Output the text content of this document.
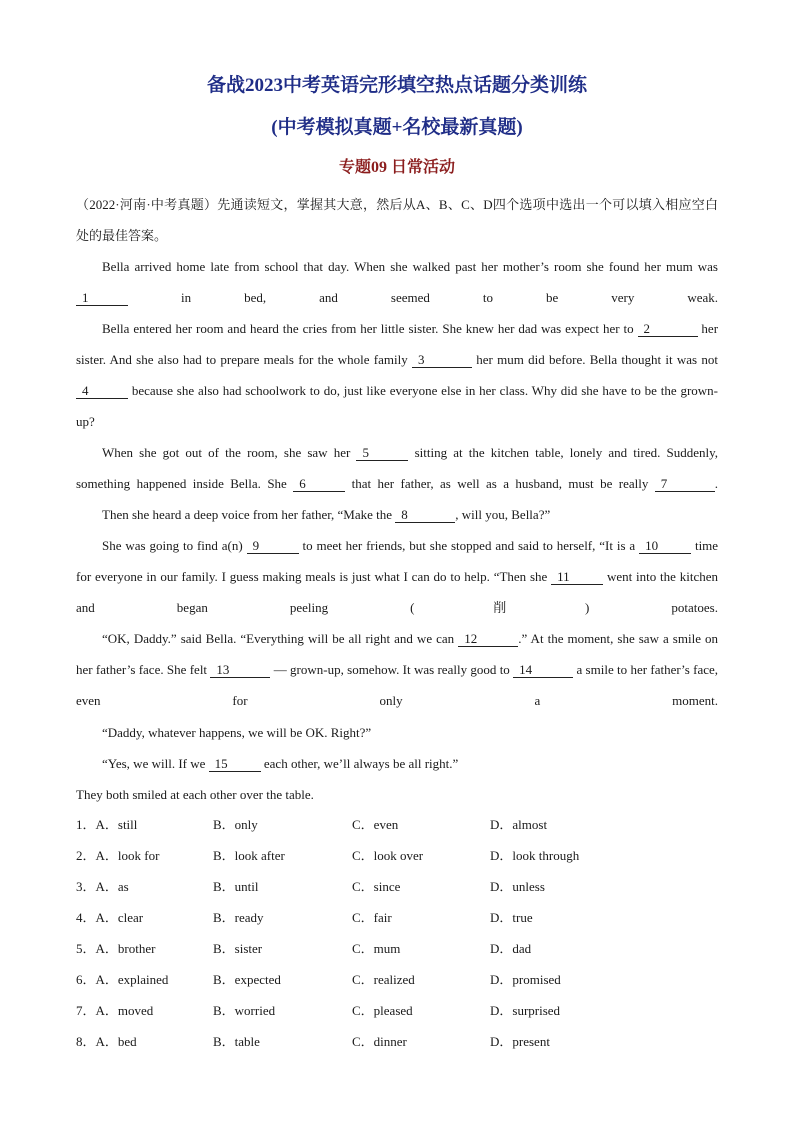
备战2023中考英语完形填空热点话题分类训练
(中考模拟真题+名校最新真题)
专题09 日常活动
（2022·河南·中考真题）先通读短文，掌握其大意，然后从A、B、C、D四个选项中选出一个可以填入相应空白处的最佳答案。
Bella arrived home late from school that day. When she walked past her mother’s room she found her mum was 1	in bed, and seemed to be very weak.
Bella entered her room and heard the cries from her little sister. She knew her dad was expect her to 2	her sister. And she also had to prepare meals for the whole family 3	her mum did before. Bella thought it was not 4	because she also had schoolwork to do, just like everyone else in her class. Why did she have to be the grown-up?
When she got out of the room, she saw her 5	sitting at the kitchen table, lonely and tired. Suddenly, something happened inside Bella. She 6	that her father, as well as a husband, must be really 7	.
Then she heard a deep voice from her father, “Make the 8	, will you, Bella?”
She was going to find a(n) 9	to meet her friends, but she stopped and said to herself, “It is a 10	time for everyone in our family. I guess making meals is just what I can do to help. “Then she 11	went into the kitchen and began peeling (削) potatoes.
“OK, Daddy.” said Bella. “Everything will be all right and we can 12	.” At the moment, she saw a smile on her father’s face. She felt 13	— grown-up, somehow. It was really good to 14	a smile to her father’s face, even for only a moment.
“Daddy, whatever happens, we will be OK. Right?”
“Yes, we will. If we 15	each other, we’ll always be all right.”
They both smiled at each other over the table.
1．A．still	B．only	C．even	D．almost
2．A．look for	B．look after	C．look over	D．look through
3．A．as	B．until	C．since	D．unless
4．A．clear	B．ready	C．fair	D．true
5．A．brother	B．sister	C．mum	D．dad
6．A．explained	B．expected	C．realized	D．promised
7．A．moved	B．worried	C．pleased	D．surprised
8．A．bed	B．table	C．dinner	D．present
